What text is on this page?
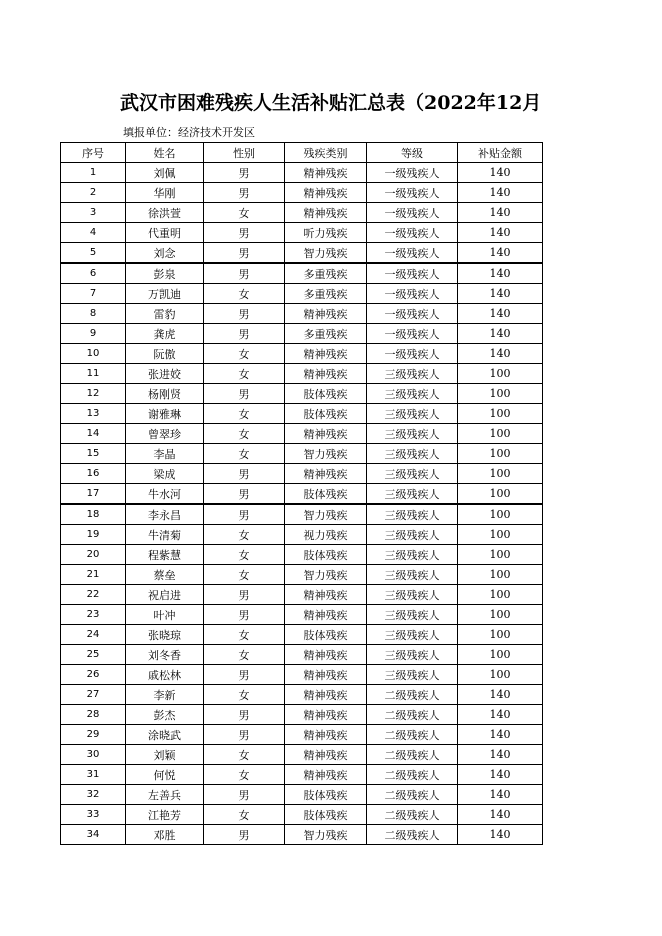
武汉市困难残疾人生活补贴汇总表（2022年12月
填报单位：经济技术开发区
序号	姓名	性别	残疾类别	等级	补贴金额
1	刘佩	男	精神残疾	一级残疾人	140
2	华刚	男	精神残疾	一级残疾人	140
3	徐洪萱	女	精神残疾	一级残疾人	140
4	代重明	男	听力残疾	一级残疾人	140
5	刘念	男	智力残疾	一级残疾人	140
6	彭泉	男	多重残疾	一级残疾人	140
7	万凯迪	女	多重残疾	一级残疾人	140
8	雷豹	男	精神残疾	一级残疾人	140
9	龚虎	男	多重残疾	一级残疾人	140
10	阮傲	女	精神残疾	一级残疾人	140
11	张进姣	女	精神残疾	三级残疾人	100
12	杨刚贤	男	肢体残疾	三级残疾人	100
13	谢雅琳	女	肢体残疾	三级残疾人	100
14	曾翠珍	女	精神残疾	三级残疾人	100
15	李晶	女	智力残疾	三级残疾人	100
16	梁成	男	精神残疾	三级残疾人	100
17	牛水河	男	肢体残疾	三级残疾人	100
18	李永昌	男	智力残疾	三级残疾人	100
19	牛清菊	女	视力残疾	三级残疾人	100
20	程紫慧	女	肢体残疾	三级残疾人	100
21	蔡垒	女	智力残疾	三级残疾人	100
22	祝启进	男	精神残疾	三级残疾人	100
23	叶冲	男	精神残疾	三级残疾人	100
24	张晓琼	女	肢体残疾	三级残疾人	100
25	刘冬香	女	精神残疾	三级残疾人	100
26	戚松林	男	精神残疾	三级残疾人	100
27	李新	女	精神残疾	二级残疾人	140
28	彭杰	男	精神残疾	二级残疾人	140
29	涂晓武	男	精神残疾	二级残疾人	140
30	刘颖	女	精神残疾	二级残疾人	140
31	何悦	女	精神残疾	二级残疾人	140
32	左善兵	男	肢体残疾	二级残疾人	140
33	江艳芳	女	肢体残疾	二级残疾人	140
34	邓胜	男	智力残疾	二级残疾人	140
